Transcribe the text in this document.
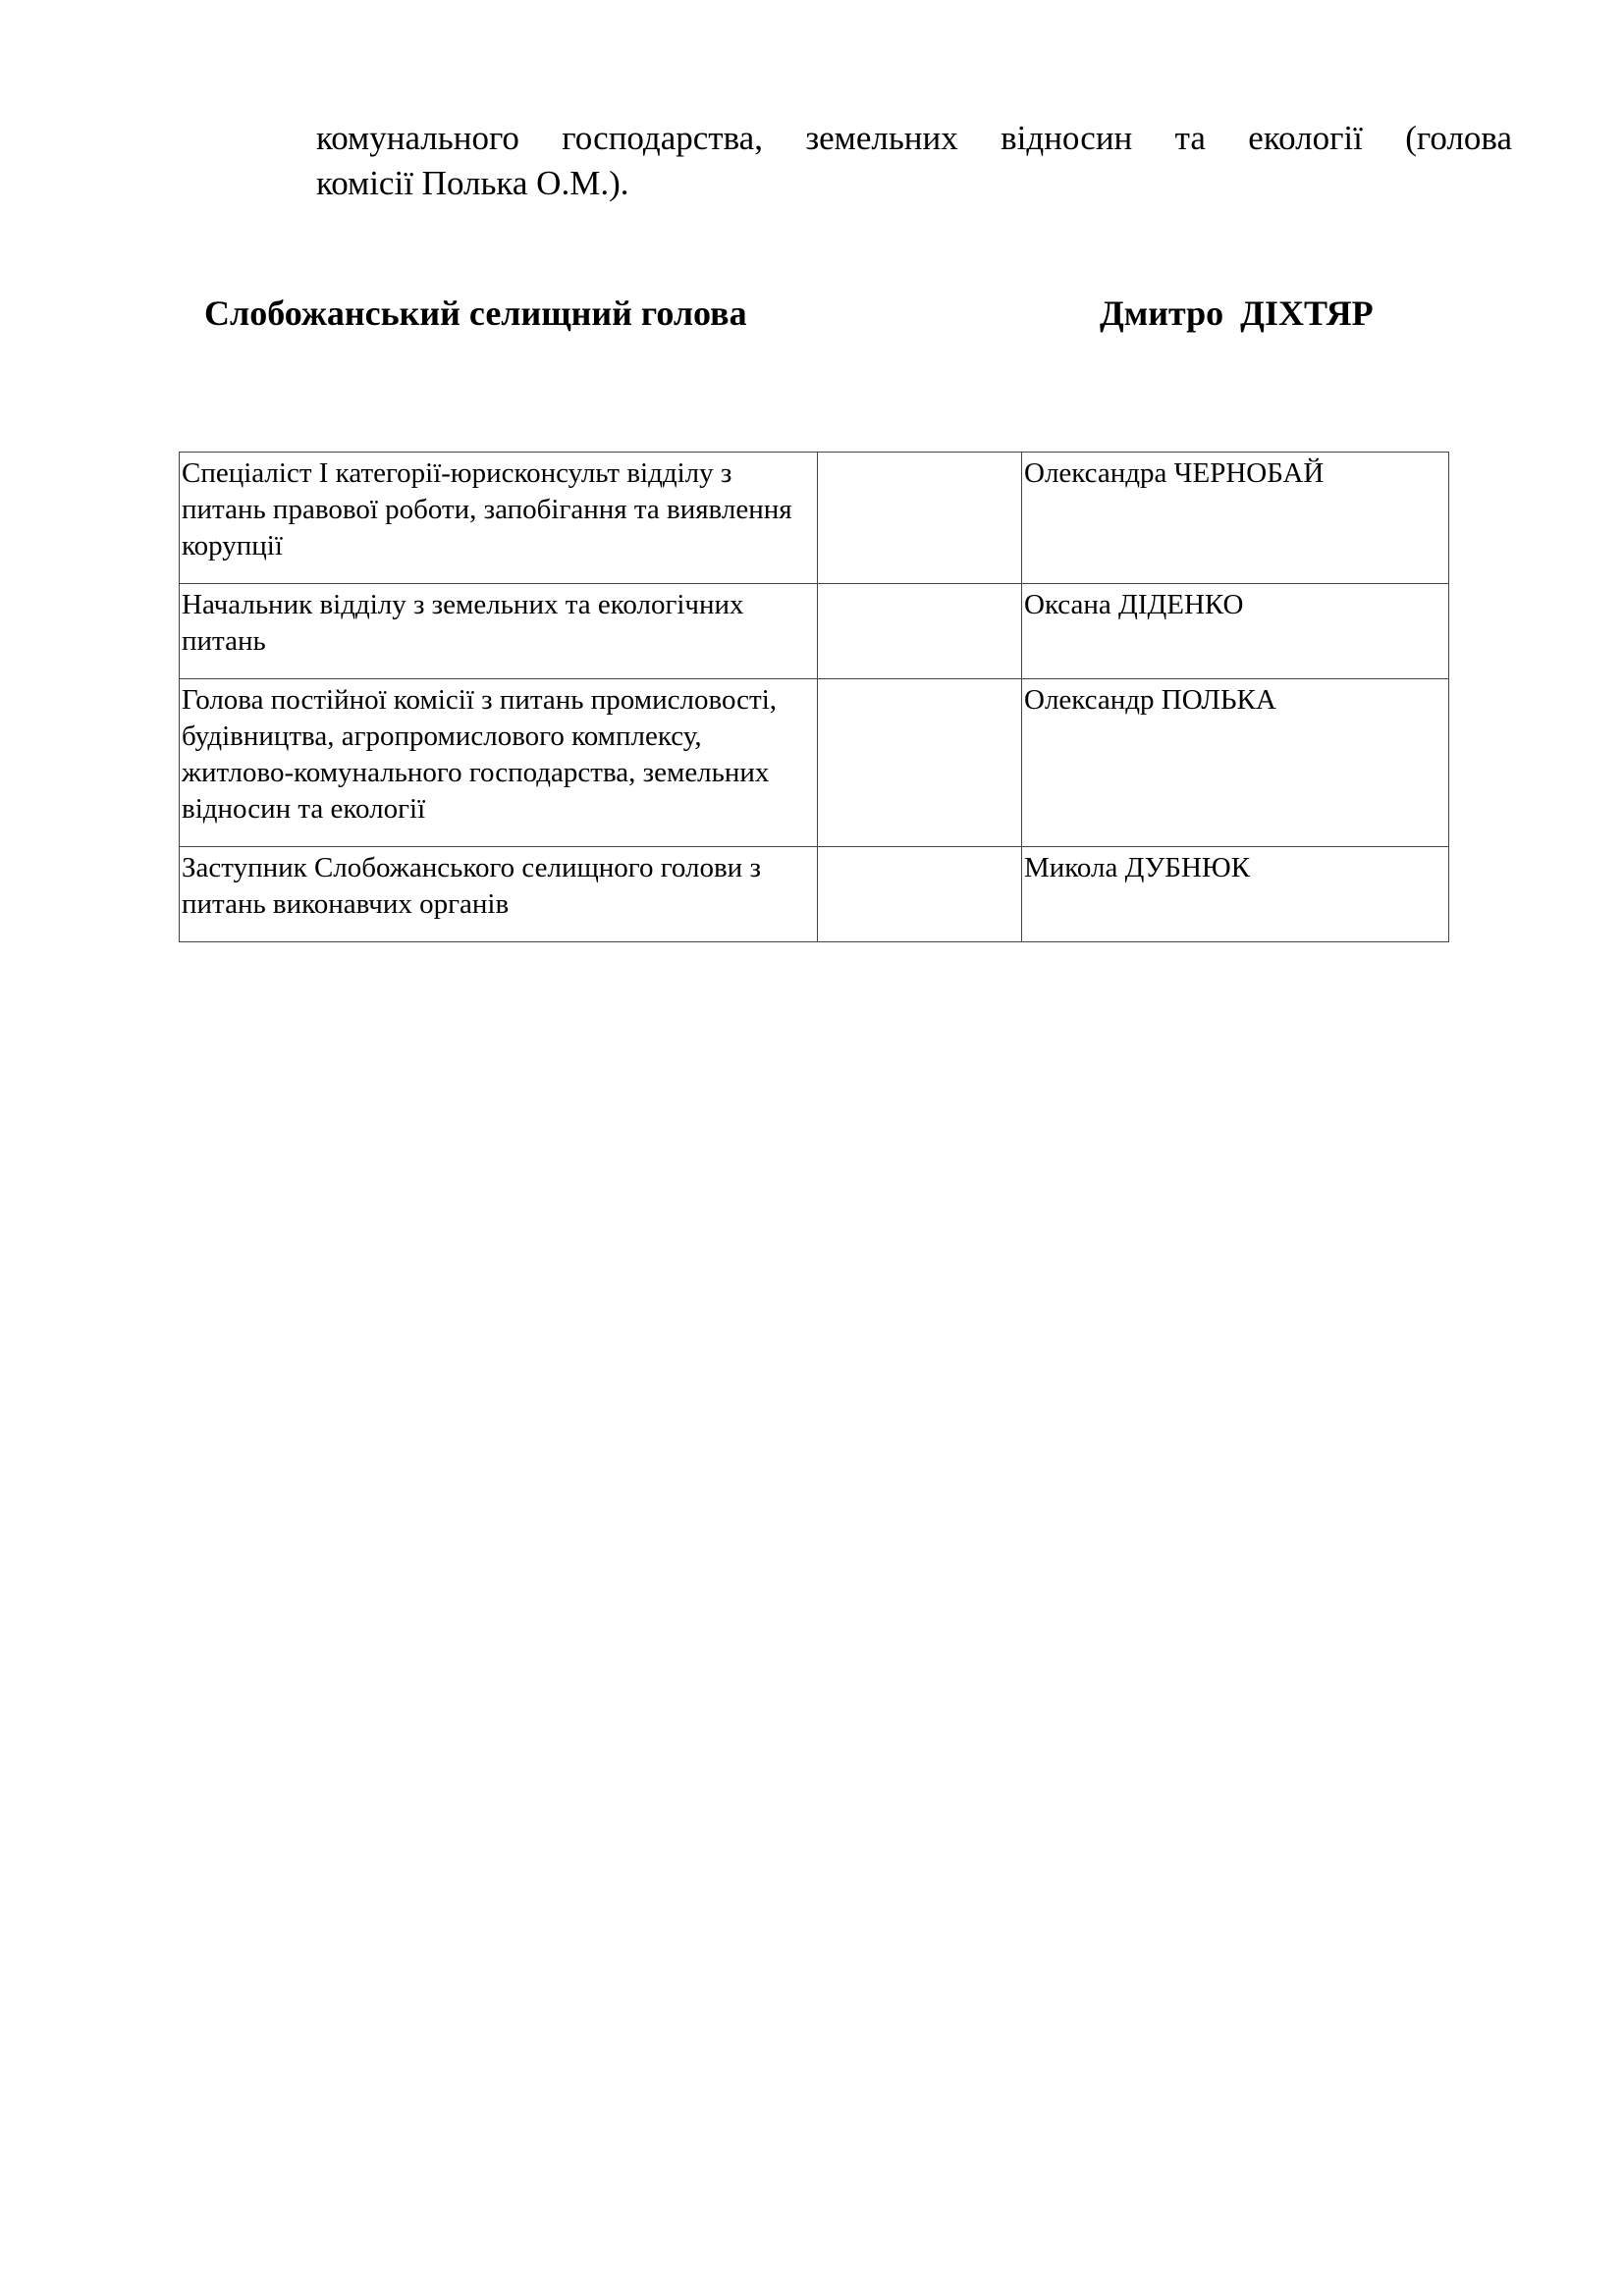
комунального господарства, земельних відносин та екології (голова
комісії Полька О.М.).
Слобожанський селищний голова	Дмитро ДІХТЯР
Спеціаліст І категорії-юрисконсульт відділу з питань правової роботи, запобігання та виявлення корупції		Олександра ЧЕРНОБАЙ

Начальник відділу з земельних та екологічних питань		Оксана ДІДЕНКО

Голова постійної комісії з питань промисловості, будівництва, агропромислового комплексу, житлово-комунального господарства, земельних відносин та екології		Олександр ПОЛЬКА

Заступник Слобожанського селищного голови з питань виконавчих органів		Микола ДУБНЮК
